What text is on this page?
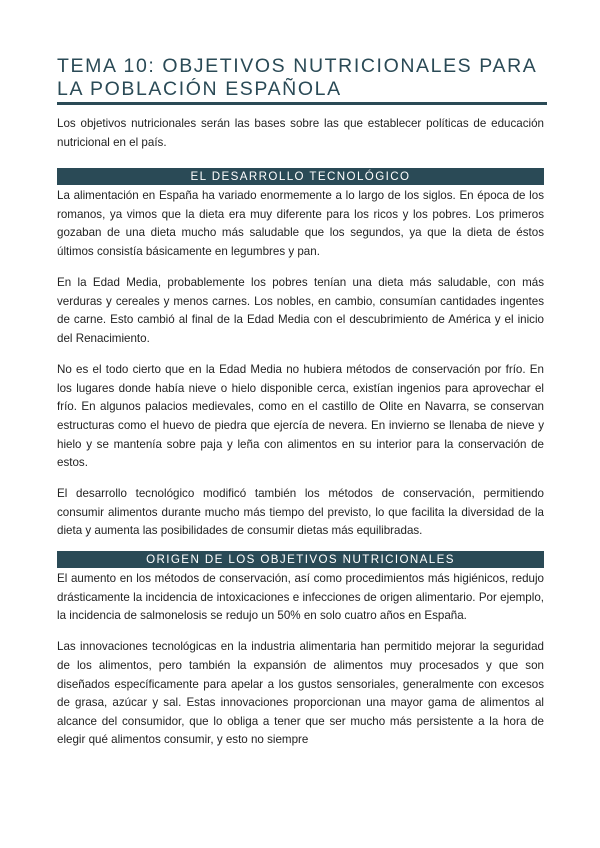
TEMA 10: OBJETIVOS NUTRICIONALES PARA LA POBLACIÓN ESPAÑOLA

Los objetivos nutricionales serán las bases sobre las que establecer políticas de educación nutricional en el país.

EL DESARROLLO TECNOLÓGICO

La alimentación en España ha variado enormemente a lo largo de los siglos. En época de los romanos, ya vimos que la dieta era muy diferente para los ricos y los pobres. Los primeros gozaban de una dieta mucho más saludable que los segundos, ya que la dieta de éstos últimos consistía básicamente en legumbres y pan.

En la Edad Media, probablemente los pobres tenían una dieta más saludable, con más verduras y cereales y menos carnes. Los nobles, en cambio, consumían cantidades ingentes de carne. Esto cambió al final de la Edad Media con el descubrimiento de América y el inicio del Renacimiento.

No es el todo cierto que en la Edad Media no hubiera métodos de conservación por frío. En los lugares donde había nieve o hielo disponible cerca, existían ingenios para aprovechar el frío. En algunos palacios medievales, como en el castillo de Olite en Navarra, se conservan estructuras como el huevo de piedra que ejercía de nevera. En invierno se llenaba de nieve y hielo y se mantenía sobre paja y leña con alimentos en su interior para la conservación de estos.

El desarrollo tecnológico modificó también los métodos de conservación, permitiendo consumir alimentos durante mucho más tiempo del previsto, lo que facilita la diversidad de la dieta y aumenta las posibilidades de consumir dietas más equilibradas.

ORIGEN DE LOS OBJETIVOS NUTRICIONALES

El aumento en los métodos de conservación, así como procedimientos más higiénicos, redujo drásticamente la incidencia de intoxicaciones e infecciones de origen alimentario. Por ejemplo, la incidencia de salmonelosis se redujo un 50% en solo cuatro años en España.

Las innovaciones tecnológicas en la industria alimentaria han permitido mejorar la seguridad de los alimentos, pero también la expansión de alimentos muy procesados y que son diseñados específicamente para apelar a los gustos sensoriales, generalmente con excesos de grasa, azúcar y sal. Estas innovaciones proporcionan una mayor gama de alimentos al alcance del consumidor, que lo obliga a tener que ser mucho más persistente a la hora de elegir qué alimentos consumir, y esto no siempre
